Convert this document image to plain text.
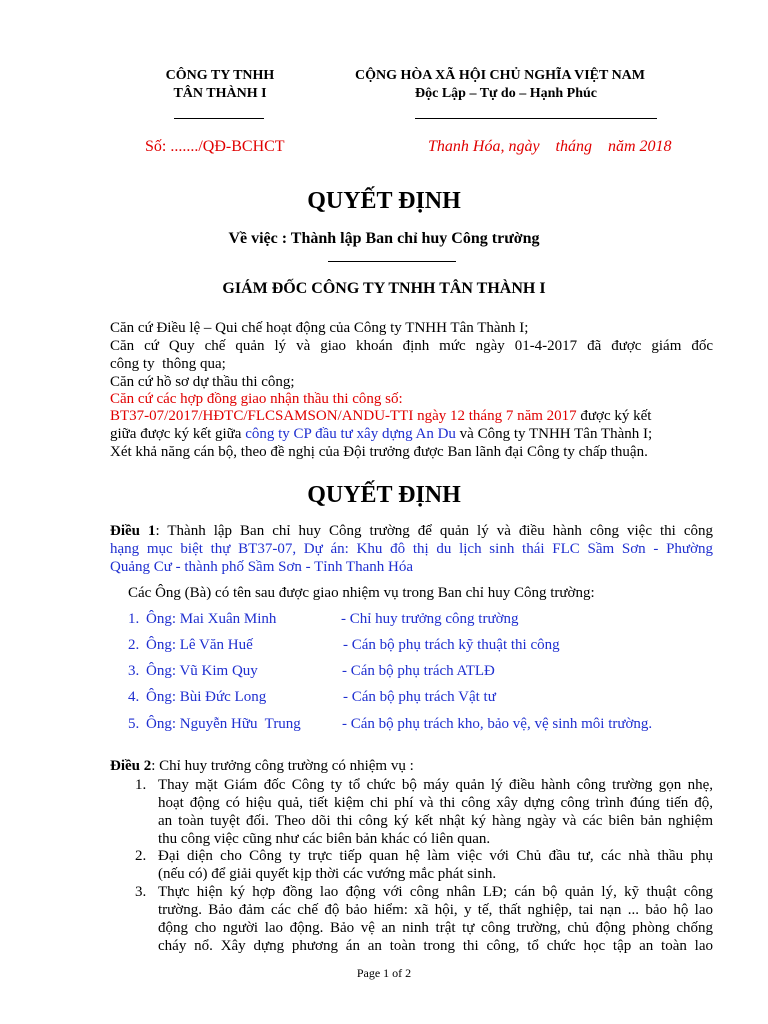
CÔNG TY TNHH
TÂN THÀNH I
CỘNG HÒA XÃ HỘI CHỦ NGHĨA VIỆT NAM
Độc Lập – Tự do – Hạnh Phúc
Số: ......./QĐ-BCHCT	Thanh Hóa, ngày    tháng    năm 2018
QUYẾT ĐỊNH
Về việc : Thành lập Ban chỉ huy Công trường
GIÁM ĐỐC CÔNG TY TNHH TÂN THÀNH I
Căn cứ Điều lệ – Qui chế hoạt động của Công ty TNHH Tân Thành I;
Căn cứ Quy chế quản lý và giao khoán định mức ngày 01-4-2017 đã được giám đốc
công ty  thông qua;
Căn cứ hồ sơ dự thầu thi công;
Căn cứ các hợp đồng giao nhận thầu thi công số:
BT37-07/2017/HĐTC/FLCSAMSON/ANDU-TTI ngày 12 tháng 7 năm 2017 được ký kết
giữa được ký kết giữa công ty CP đầu tư xây dựng An Du và Công ty TNHH Tân Thành I;
Xét khả năng cán bộ, theo đề nghị của Đội trưởng được Ban lãnh đại Công ty chấp thuận.
QUYẾT ĐỊNH
Điều 1: Thành lập Ban chỉ huy Công trường để quản lý và điều hành công việc thi công
hạng mục biệt thự BT37-07, Dự án: Khu đô thị du lịch sinh thái FLC Sầm Sơn - Phường
Quảng Cư - thành phố Sầm Sơn - Tỉnh Thanh Hóa
Các Ông (Bà) có tên sau được giao nhiệm vụ trong Ban chỉ huy Công trường:
1. Ông: Mai Xuân Minh	- Chỉ huy trưởng công trường
2. Ông: Lê Văn Huế	- Cán bộ phụ trách kỹ thuật thi công
3. Ông: Vũ Kim Quy	- Cán bộ phụ trách ATLĐ
4. Ông: Bùi Đức Long	- Cán bộ phụ trách Vật tư
5. Ông: Nguyễn Hữu  Trung	- Cán bộ phụ trách kho, bảo vệ, vệ sinh môi trường.
Điều 2: Chỉ huy trưởng công trường có nhiệm vụ :
1. Thay mặt Giám đốc Công ty tổ chức bộ máy quản lý điều hành công trường gọn nhẹ,
hoạt động có hiệu quả, tiết kiệm chi phí và thi công xây dựng công trình đúng tiến độ,
an toàn tuyệt đối. Theo dõi thi công ký kết nhật ký hàng ngày và các biên bản nghiệm
thu công việc cũng như các biên bản khác có liên quan.
2. Đại diện cho Công ty trực tiếp quan hệ làm việc với Chủ đầu tư, các nhà thầu phụ
(nếu có) để giải quyết kịp thời các vướng mắc phát sinh.
3. Thực hiện ký hợp đồng lao động với công nhân LĐ; cán bộ quản lý, kỹ thuật công
trường. Bảo đảm các chế độ bảo hiểm: xã hội, y tế, thất nghiệp, tai nạn ... bảo hộ lao
động cho người lao động. Bảo vệ an ninh trật tự công trường, chủ động phòng chống
cháy nổ. Xây dựng phương án an toàn trong thi công, tổ chức học tập an toàn lao
Page 1 of 2
